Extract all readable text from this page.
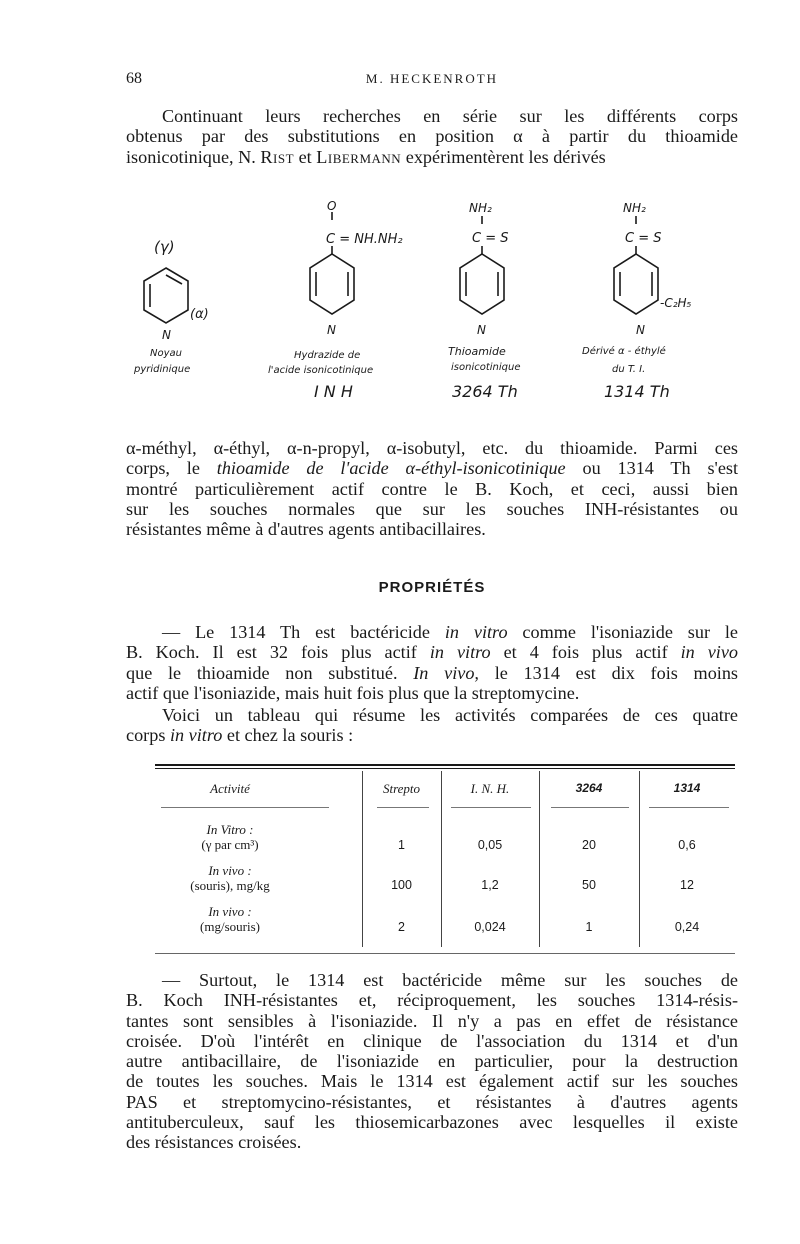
68	M. HECKENROTH

Continuant leurs recherches en série sur les différents corps
obtenus par des substitutions en position α à partir du thioamide
isonicotinique, N. Rist et Libermann expérimentèrent les dérivés

(γ)
(α)
N
Noyau
pyridinique
O
C = NH.NH₂
N
Hydrazide de
l'acide isonicotinique
I N H
NH₂
C = S
N
Thioamide
isonicotinique
3264 Th
NH₂
C = S
-C₂H₅
N
Dérivé α - éthylé
du T. I.
1314 Th

α-méthyl, α-éthyl, α-n-propyl, α-isobutyl, etc. du thioamide. Parmi ces
corps, le thioamide de l'acide α-éthyl-isonicotinique ou 1314 Th s'est
montré particulièrement actif contre le B. Koch, et ceci, aussi bien
sur les souches normales que sur les souches INH-résistantes ou
résistantes même à d'autres agents antibacillaires.

PROPRIÉTÉS

— Le 1314 Th est bactéricide in vitro comme l'isoniazide sur le
B. Koch. Il est 32 fois plus actif in vitro et 4 fois plus actif in vivo
que le thioamide non substitué. In vivo, le 1314 est dix fois moins
actif que l'isoniazide, mais huit fois plus que la streptomycine.

Voici un tableau qui résume les activités comparées de ces quatre
corps in vitro et chez la souris :

Activité	Strepto	I. N. H.	3264	1314
In Vitro :
(γ par cm³)	1	0,05	20	0,6
In vivo :
(souris), mg/kg	100	1,2	50	12
In vivo :
(mg/souris)	2	0,024	1	0,24

— Surtout, le 1314 est bactéricide même sur les souches de
B. Koch INH-résistantes et, réciproquement, les souches 1314-résis-
tantes sont sensibles à l'isoniazide. Il n'y a pas en effet de résistance
croisée. D'où l'intérêt en clinique de l'association du 1314 et d'un
autre antibacillaire, de l'isoniazide en particulier, pour la destruction
de toutes les souches. Mais le 1314 est également actif sur les souches
PAS et streptomycino-résistantes, et résistantes à d'autres agents
antituberculeux, sauf les thiosemicarbazones avec lesquelles il existe
des résistances croisées.
